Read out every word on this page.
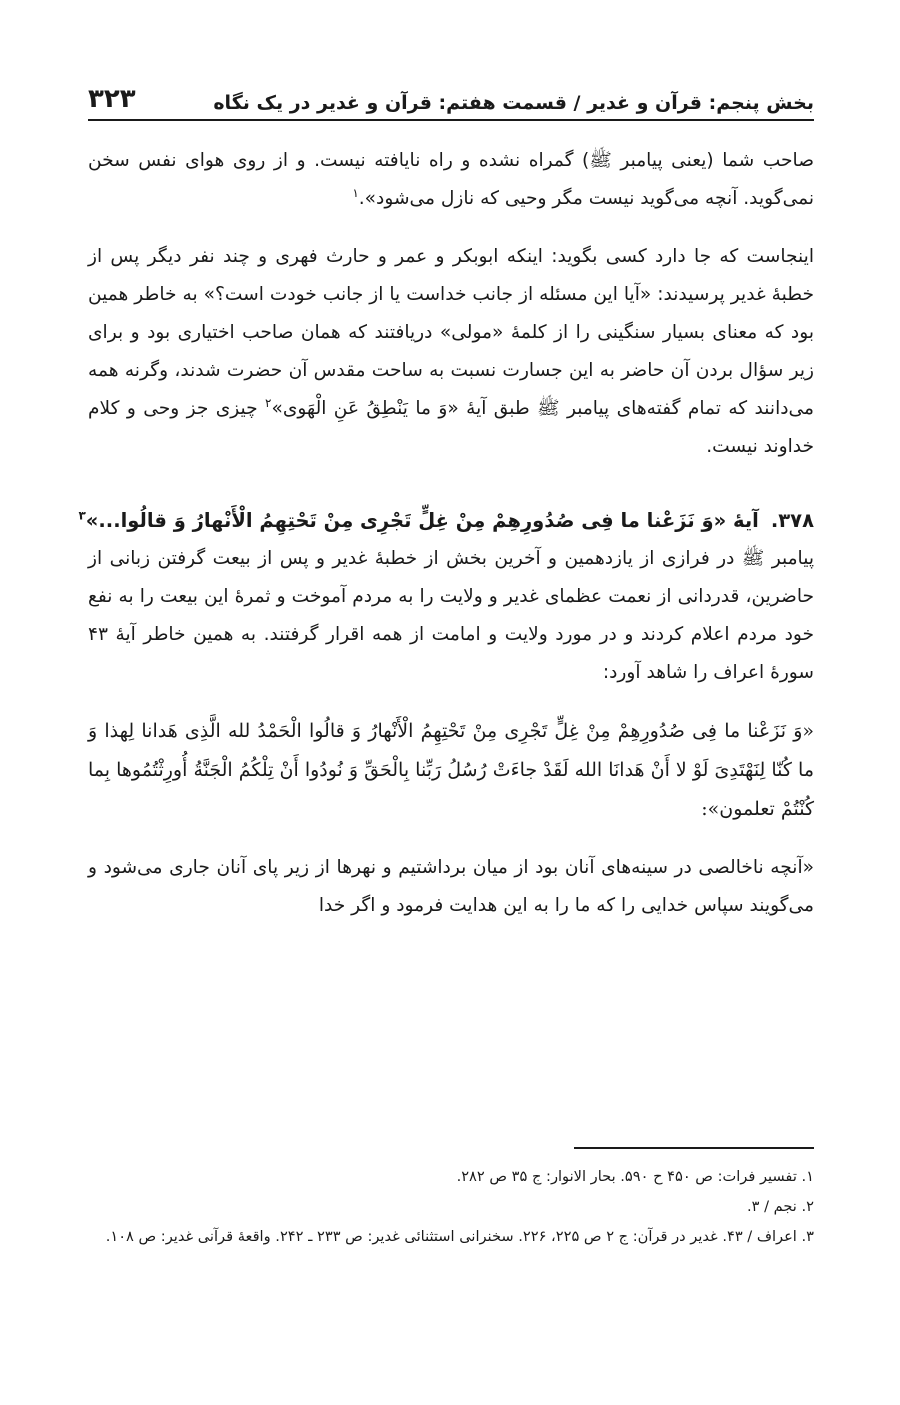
بخش پنجم: قرآن و غدیر / قسمت هفتم: قرآن و غدیر در یک نگاه
۳۲۳

صاحب شما (یعنی پیامبر ﷺ) گمراه نشده و راه نایافته نیست. و از روی هوای نفس سخن نمی‌گوید. آنچه می‌گوید نیست مگر وحیی که نازل می‌شود».$^۱$

اینجاست که جا دارد کسی بگوید: اینکه ابوبکر و عمر و حارث فهری و چند نفر دیگر پس از خطبهٔ غدیر پرسیدند: «آیا این مسئله از جانب خداست یا از جانب خودت است؟» به خاطر همین بود که معنای بسیار سنگینی را از کلمهٔ «مولی» دریافتند که همان صاحب اختیاری بود و برای زیر سؤال بردن آن حاضر به این جسارت نسبت به ساحت مقدس آن حضرت شدند، وگرنه همه می‌دانند که تمام گفته‌های پیامبر ﷺ طبق آیهٔ «وَ ما یَنْطِقُ عَنِ الْهَوی»$^۲$ چیزی جز وحی و کلام خداوند نیست.

۳۷۸.آیهٔ «وَ نَزَعْنا ما فِی صُدُورِهِمْ مِنْ غِلٍّ تَجْرِی مِنْ تَحْتِهِمُ الْأَنْهارُ وَ قالُوا...»$^۳$

پیامبر ﷺ در فرازی از یازدهمین و آخرین بخش از خطبهٔ غدیر و پس از بیعت گرفتن زبانی از حاضرین، قدردانی از نعمت عظمای غدیر و ولایت را به مردم آموخت و ثمرهٔ این بیعت را به نفع خود مردم اعلام کردند و در مورد ولایت و امامت از همه اقرار گرفتند. به همین خاطر آیهٔ ۴۳ سورهٔ اعراف را شاهد آورد:

«وَ نَزَعْنا ما فِی صُدُورِهِمْ مِنْ غِلٍّ تَجْرِی مِنْ تَحْتِهِمُ الْأَنْهارُ وَ قالُوا الْحَمْدُ لله الَّذِی هَدانا لِهذا وَ ما کُنّا لِنَهْتَدِیَ لَوْ لا أَنْ هَدانَا الله لَقَدْ جاءَتْ رُسُلُ رَبِّنا بِالْحَقِّ وَ نُودُوا أَنْ تِلْکُمُ الْجَنَّةُ أُورِثْتُمُوها بِما کُنْتُمْ تعلمون»:

«آنچه ناخالصی در سینه‌های آنان بود از میان برداشتیم و نهرها از زیر پای آنان جاری می‌شود و می‌گویند سپاس خدایی را که ما را به این هدایت فرمود و اگر خدا

۱. تفسیر فرات: ص ۴۵۰ ح ۵۹۰. بحار الانوار: ج ۳۵ ص ۲۸۲.
۲. نجم / ۳.
۳. اعراف / ۴۳. غدیر در قرآن: ج ۲ ص ۲۲۵، ۲۲۶. سخنرانی استثنائی غدیر: ص ۲۳۳ ـ ۲۴۲. واقعهٔ قرآنی غدیر: ص ۱۰۸.
